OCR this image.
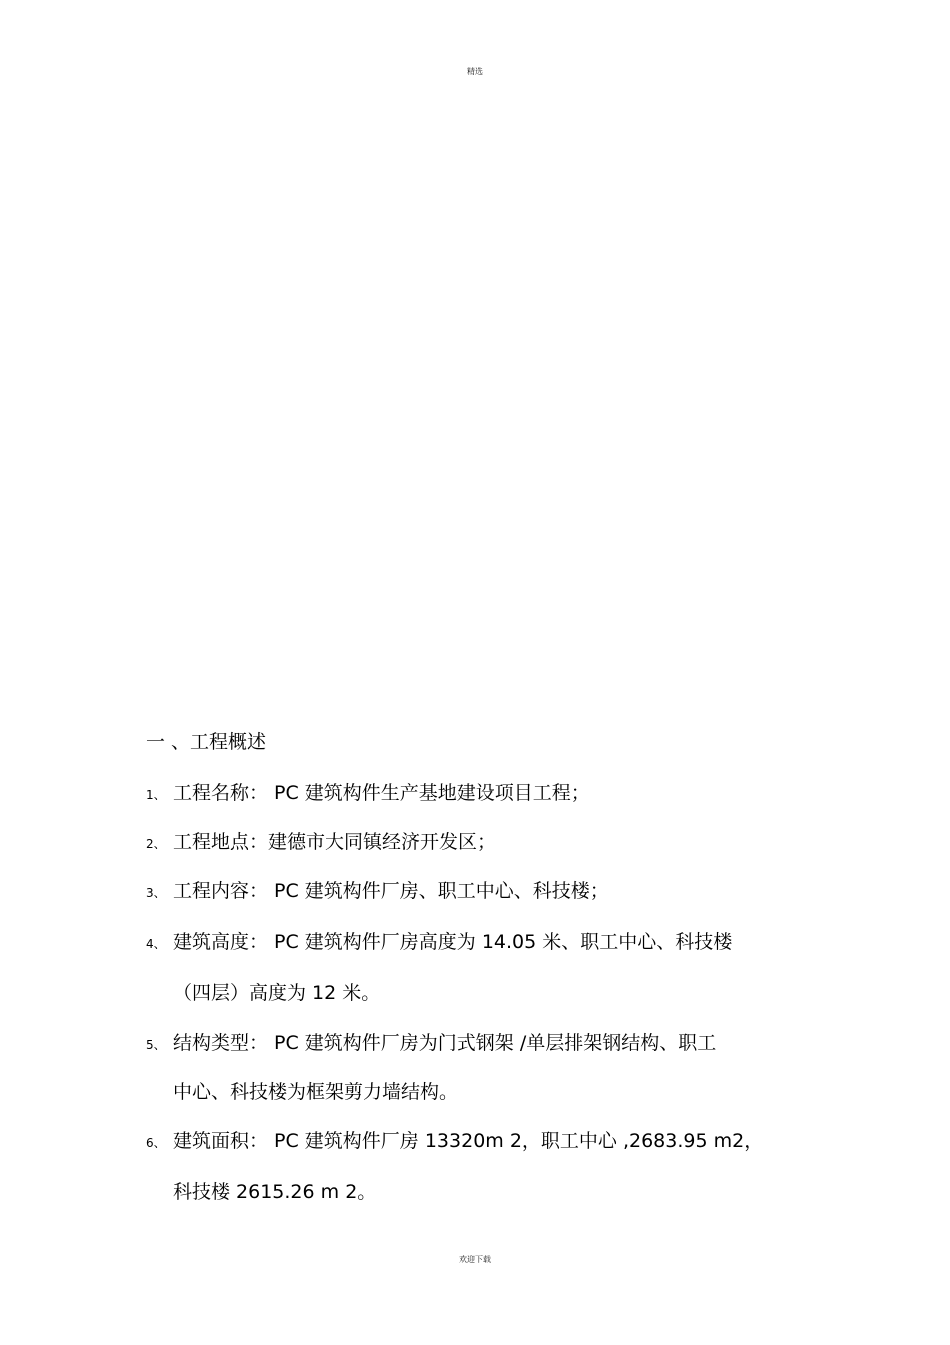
精选
一 、工程概述
1、 工程名称： PC 建筑构件生产基地建设项目工程；
2、 工程地点：建德市大同镇经济开发区；
3、 工程内容： PC 建筑构件厂房、职工中心、科技楼；
4、 建筑高度： PC 建筑构件厂房高度为 14.05 米、职工中心、科技楼
（四层）高度为 12 米。
5、 结构类型： PC 建筑构件厂房为门式钢架 /单层排架钢结构、职工
中心、科技楼为框架剪力墙结构。
6、 建筑面积： PC 建筑构件厂房 13320m 2，职工中心 ,2683.95 m2，
科技楼 2615.26 m 2。
欢迎下载
